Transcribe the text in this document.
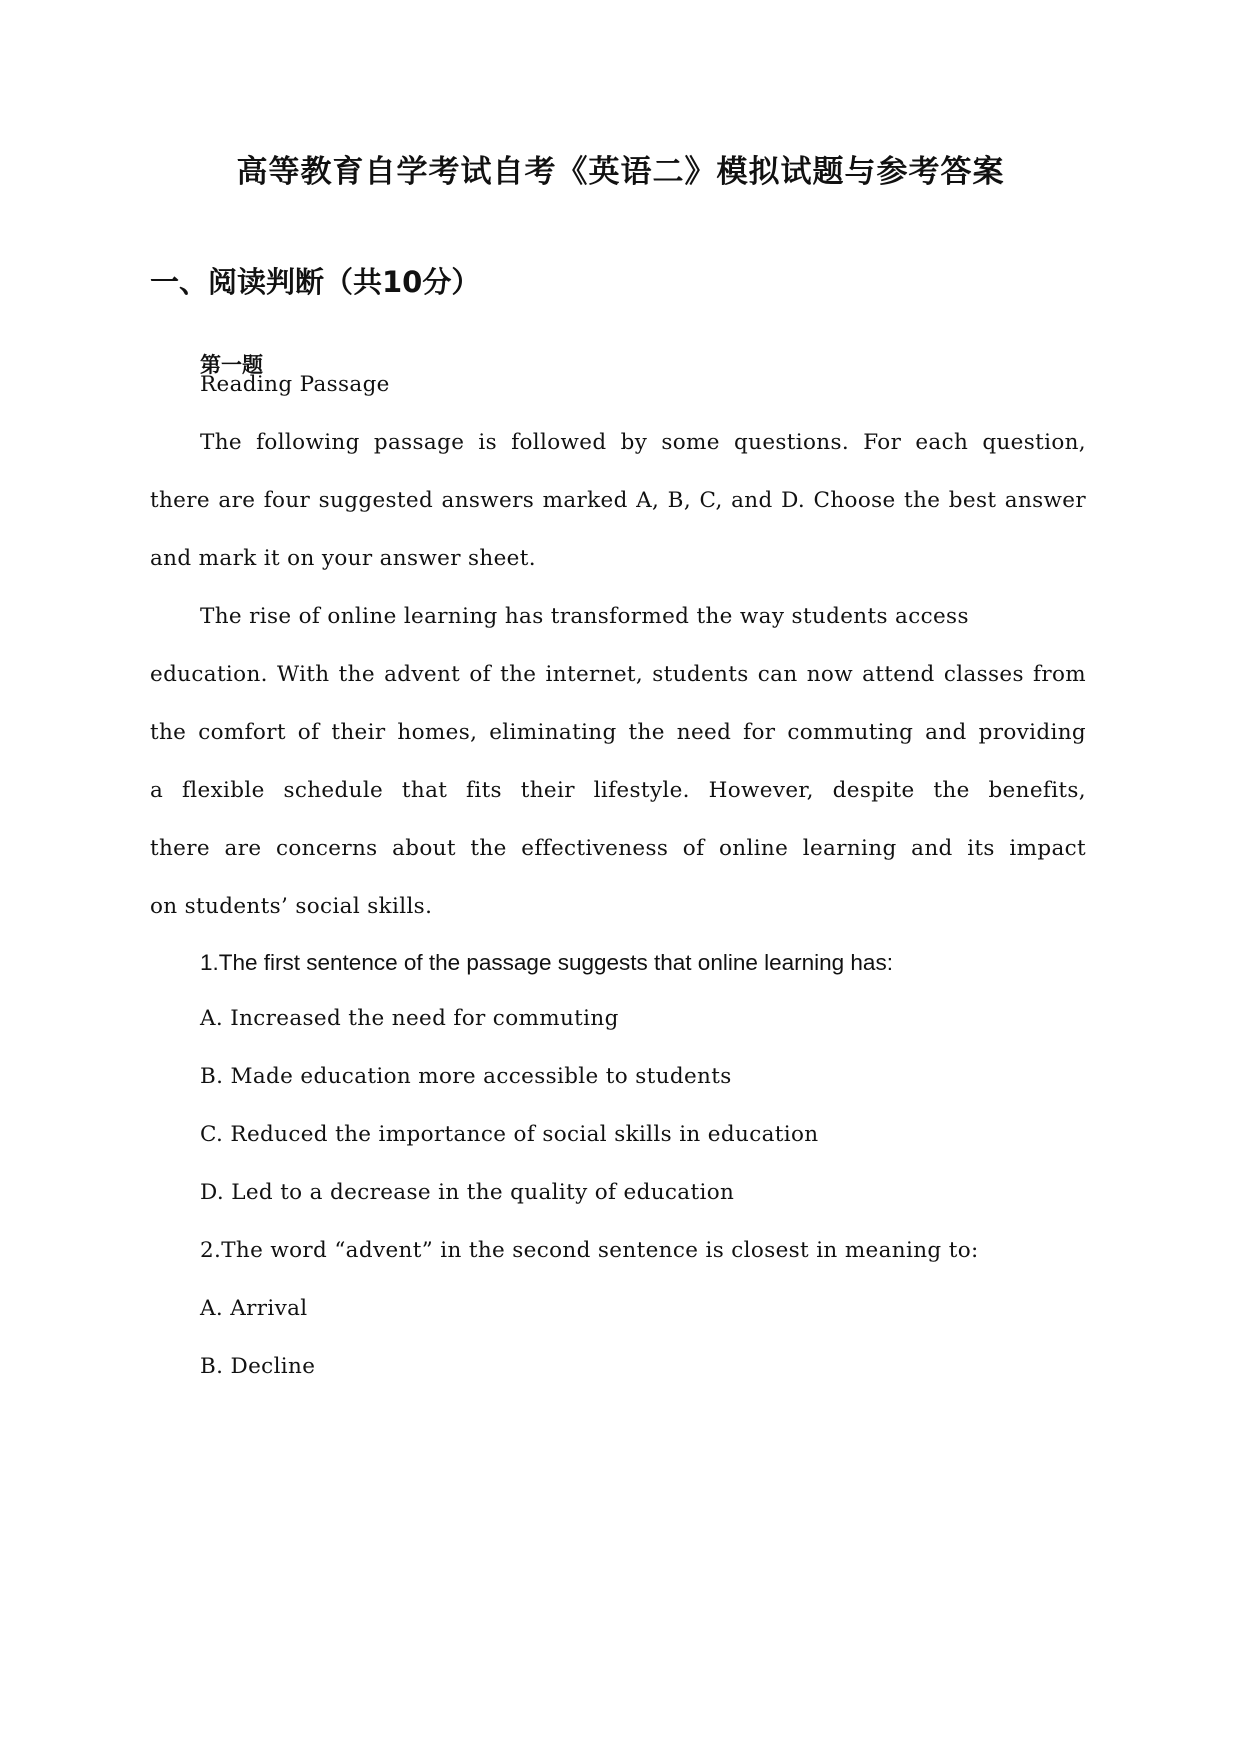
高等教育自学考试自考《英语二》模拟试题与参考答案
一、阅读判断（共10分）
第一题
Reading Passage
The following passage is followed by some questions. For each question,
there are four suggested answers marked A, B, C, and D. Choose the best answer
and mark it on your answer sheet.
The rise of online learning has transformed the way students access
education. With the advent of the internet, students can now attend classes from
the comfort of their homes, eliminating the need for commuting and providing
a flexible schedule that fits their lifestyle. However, despite the benefits,
there are concerns about the effectiveness of online learning and its impact
on students’ social skills.
1.The first sentence of the passage suggests that online learning has:
A. Increased the need for commuting
B. Made education more accessible to students
C. Reduced the importance of social skills in education
D. Led to a decrease in the quality of education
2.The word “advent” in the second sentence is closest in meaning to:
A. Arrival
B. Decline
